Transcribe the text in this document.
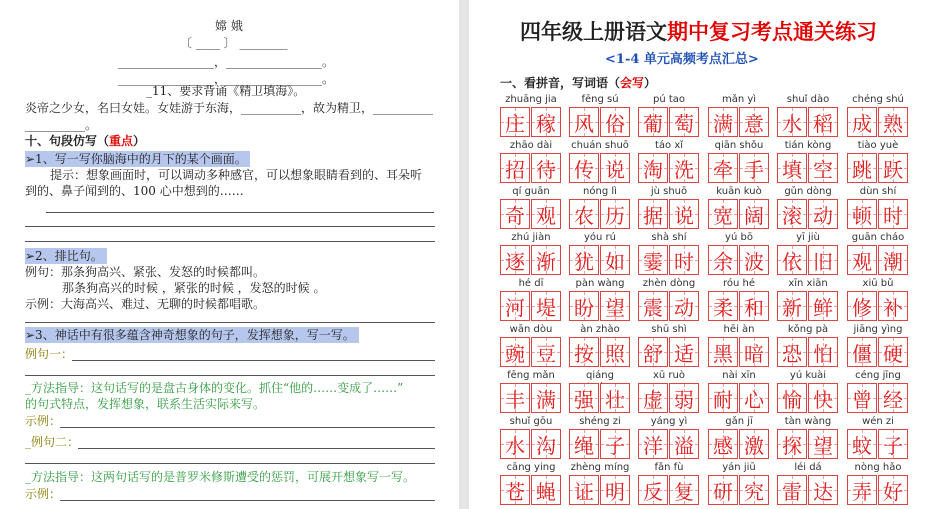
嫦 娥
〔 ____ 〕 ________
________________，________________。
________________，________________。
_11、要求背诵《精卫填海》。
炎帝之少女，名曰女娃。女娃游于东海，__________，故为精卫，__________
__________。
十、句段仿写（重点）
➢1、写一写你脑海中的月下的某个画面。
提示：想象画面时，可以调动多种感官，可以想象眼睛看到的、耳朵听
到的、鼻子闻到的、100 心中想到的……
➢2、排比句。
例句：那条狗高兴、紧张、发怒的时候都叫。
那条狗高兴的时候 ，紧张的时候 ，发怒的时候 。
示例：大海高兴、难过、无聊的时候都唱歌。
➢3、神话中有很多蕴含神奇想象的句子，发挥想象，写一写。
例句一：
_方法指导：这句话写的是盘古身体的变化。抓住“他的……变成了……”
的句式特点，发挥想象，联系生活实际来写。
示例：
_例句二：
_方法指导：这两句话写的是普罗米修斯遭受的惩罚，可展开想象写一写。
示例：
四年级上册语文期中复习考点通关练习
<1-4 单元高频考点汇总>
一、看拼音，写词语（会写）
zhuāng jia
庄 稼
fēng sú
风 俗
pú tao
葡 萄
mǎn yì
满 意
shuǐ dào
水 稻
chéng shú
成 熟
zhāo dài
招 待
chuán shuō
传 说
táo xǐ
淘 洗
qiān shǒu
牵 手
tián kòng
填 空
tiào yuè
跳 跃
qí guān
奇 观
nóng lì
农 历
jù shuō
据 说
kuān kuò
宽 阔
gǔn dòng
滚 动
dùn shí
顿 时
zhú jiàn
逐 渐
yóu rú
犹 如
shà shí
霎 时
yú bō
余 波
yī jiù
依 旧
guān cháo
观 潮
hé dī
河 堤
pàn wàng
盼 望
zhèn dòng
震 动
róu hé
柔 和
xīn xiān
新 鲜
xiū bǔ
修 补
wān dòu
豌 豆
àn zhào
按 照
shū shì
舒 适
hēi àn
黑 暗
kǒng pà
恐 怕
jiāng yìng
僵 硬
fēng mǎn
丰 满
qiáng
强 壮
xū ruò
虚 弱
nài xīn
耐 心
yú kuài
愉 快
céng jīng
曾 经
shuǐ gōu
水 沟
shéng zi
绳 子
yáng yì
洋 溢
gǎn jī
感 激
tàn wàng
探 望
wén zi
蚊 子
cāng ying
苍 蝇
zhèng míng
证 明
fǎn fù
反 复
yán jiū
研 究
léi dá
雷 达
nòng hǎo
弄 好
